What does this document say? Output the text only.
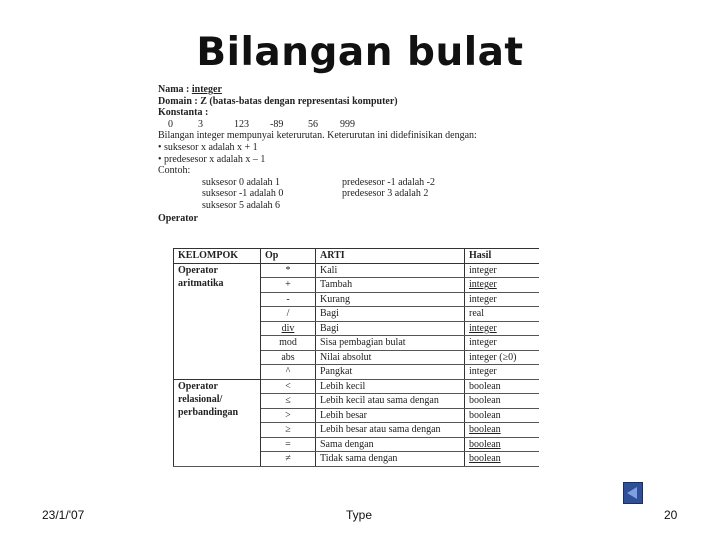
Bilangan bulat
Nama : integer
Domain : Z (batas-batas dengan representasi komputer)
Konstanta :
0	3	123 -89 56 999
Bilangan integer mempunyai keterurutan. Keterurutan ini didefinisikan dengan:
• suksesor x adalah x + 1
• predesesor x adalah x – 1
Contoh:
suksesor 0 adalah 1	predesesor -1 adalah -2
suksesor -1 adalah 0	predesesor 3 adalah 2
suksesor 5 adalah 6
Operator
KELOMPOK	Op	ARTI	Hasil
Operator
aritmatika	*	Kali	integer
	+	Tambah	integer
	-	Kurang	integer
	/	Bagi	real
	div	Bagi	integer
	mod	Sisa pembagian bulat	integer
	abs	Nilai absolut	integer (≥0)
	^	Pangkat	integer
Operator
relasional/
perbandingan	<	Lebih kecil	boolean
	≤	Lebih kecil atau sama dengan	boolean
	>	Lebih besar	boolean
	≥	Lebih besar atau sama dengan	boolean
	=	Sama dengan	boolean
	≠	Tidak sama dengan	boolean
23/1/'07	Type	20
